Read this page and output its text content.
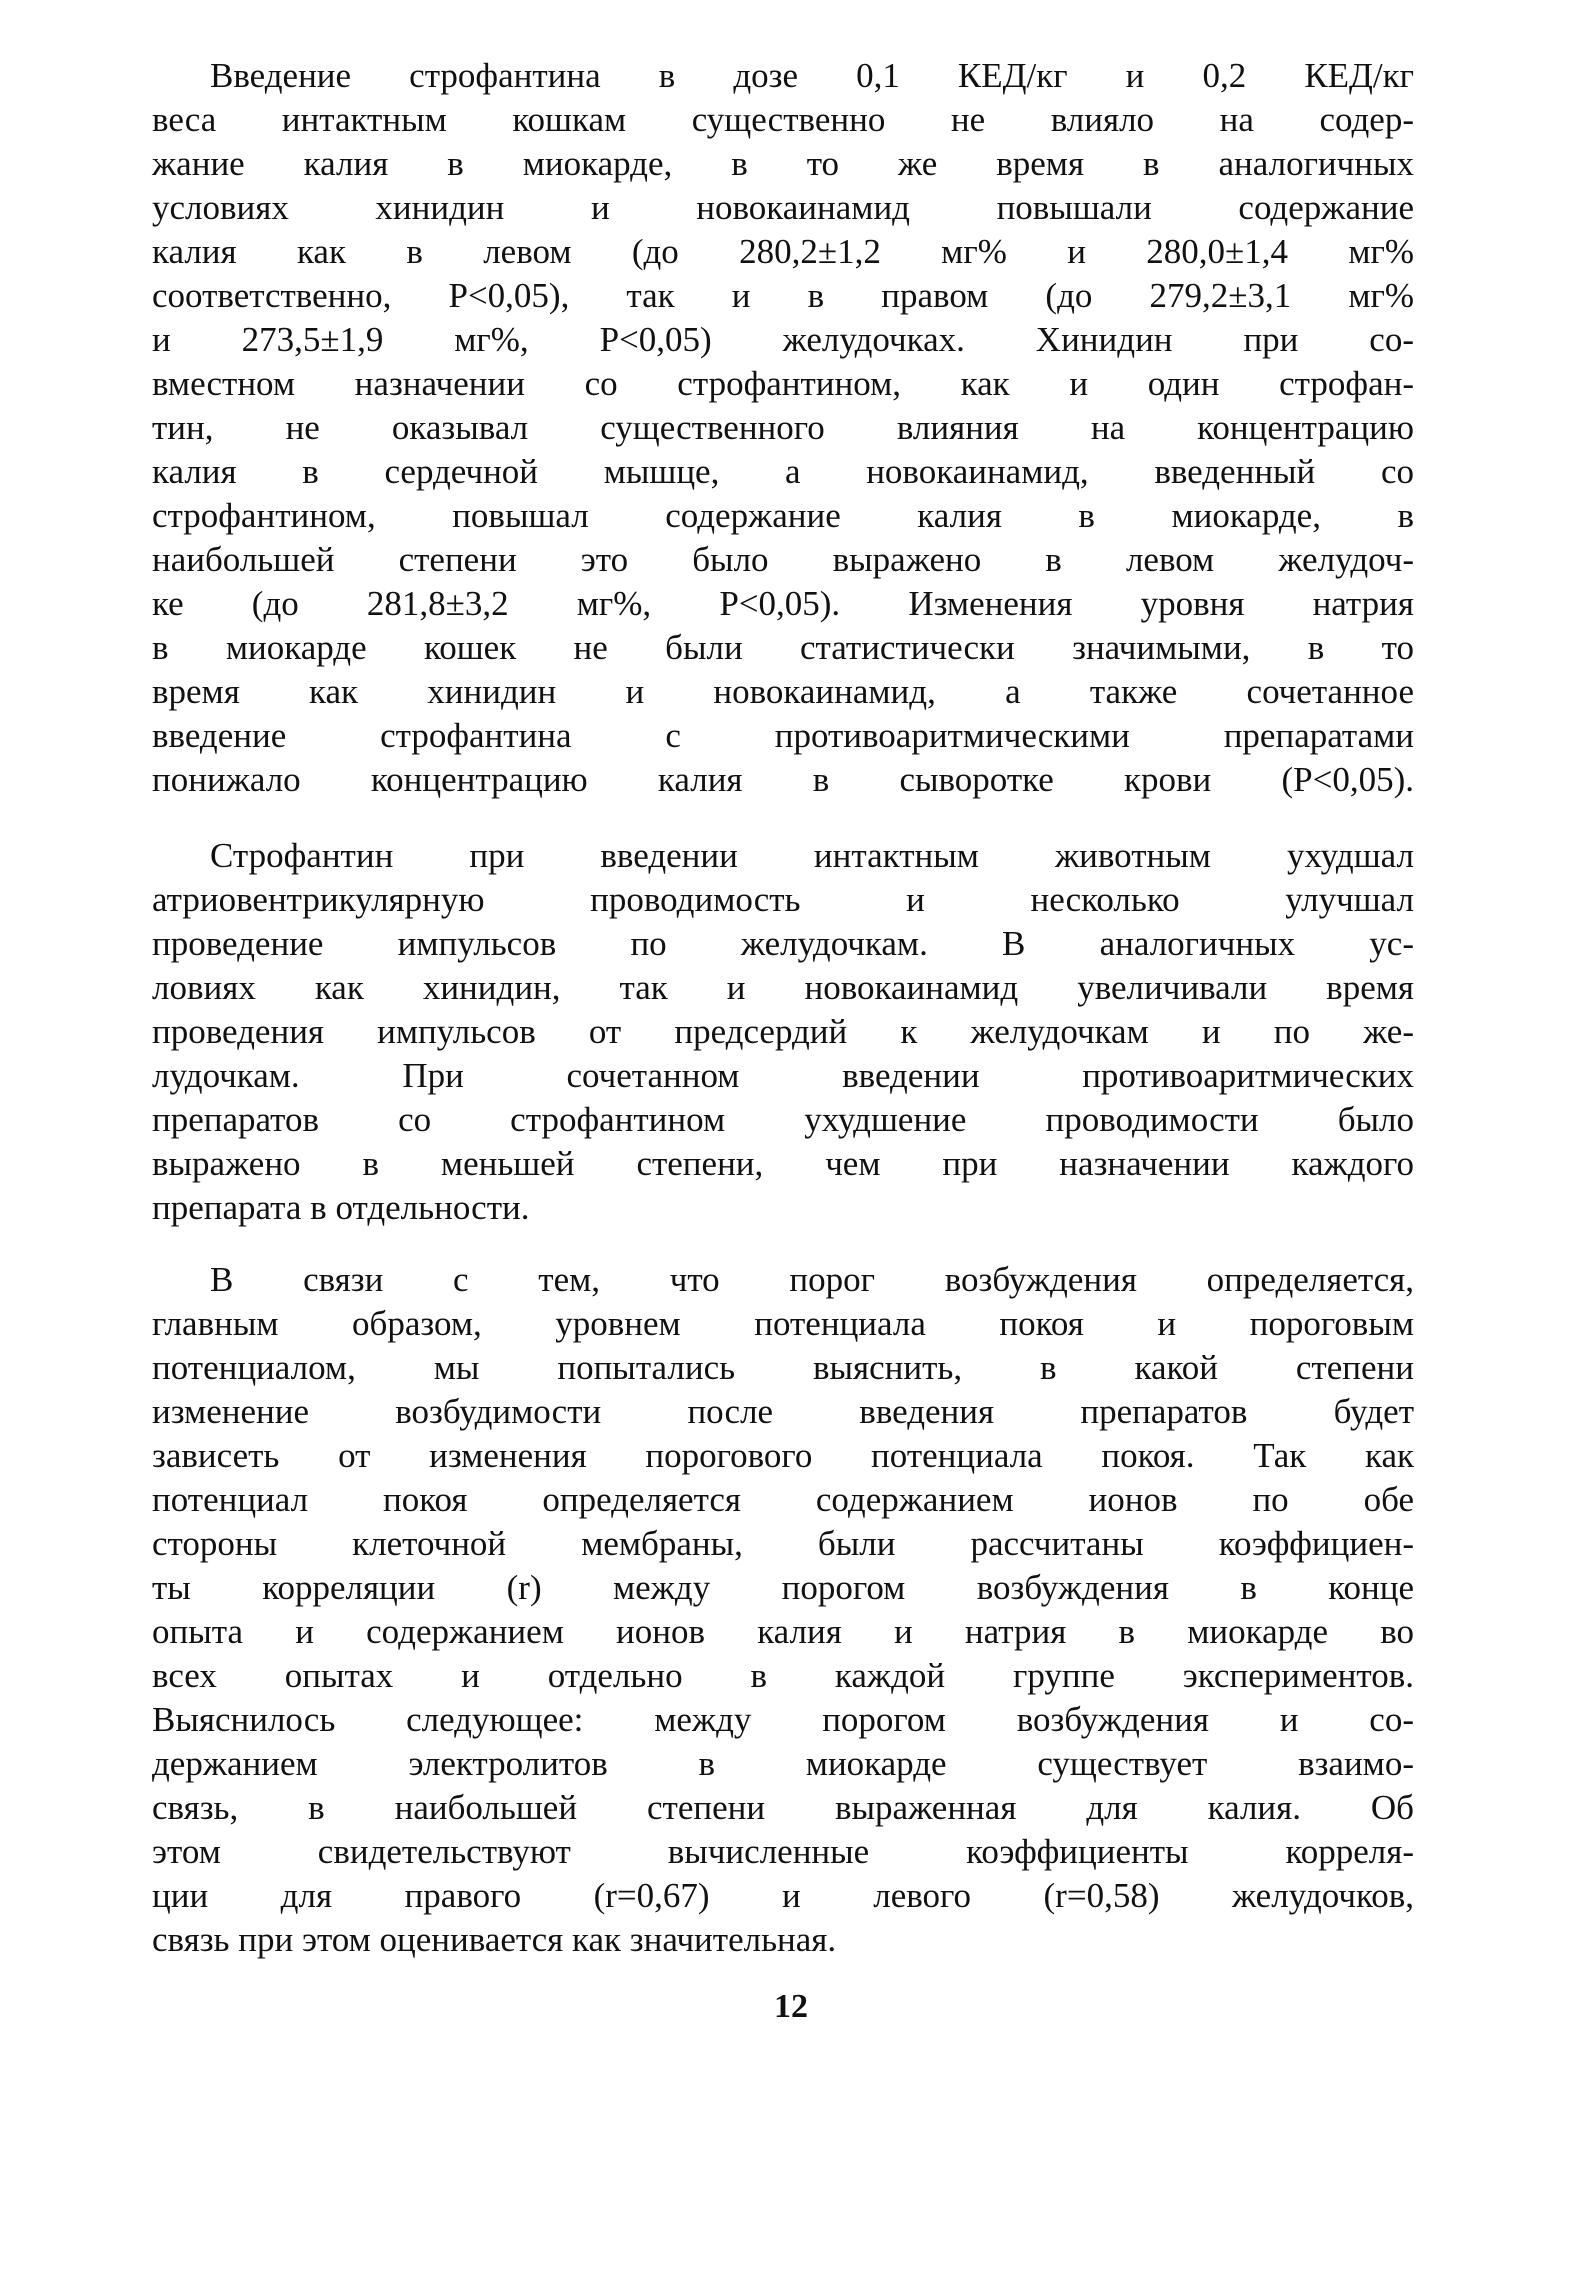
Введение строфантина в дозе 0,1 КЕД/кг и 0,2 КЕД/кг
веса интактным кошкам существенно не влияло на содер-
жание калия в миокарде, в то же время в аналогичных
условиях хинидин и новокаинамид повышали содержание
калия как в левом (до 280,2±1,2 мг% и 280,0±1,4 мг%
соответственно, Р<0,05), так и в правом (до 279,2±3,1 мг%
и 273,5±1,9 мг%, Р<0,05) желудочках. Хинидин при со-
вместном назначении со строфантином, как и один строфан-
тин, не оказывал существенного влияния на концентрацию
калия в сердечной мышце, а новокаинамид, введенный со
строфантином, повышал содержание калия в миокарде, в
наибольшей степени это было выражено в левом желудоч-
ке (до 281,8±3,2 мг%, Р<0,05). Изменения уровня натрия
в миокарде кошек не были статистически значимыми, в то
время как хинидин и новокаинамид, а также сочетанное
введение строфантина с противоаритмическими препаратами
понижало концентрацию калия в сыворотке крови (Р<0,05).
Строфантин при введении интактным животным ухудшал
атриовентрикулярную проводимость и несколько улучшал
проведение импульсов по желудочкам. В аналогичных ус-
ловиях как хинидин, так и новокаинамид увеличивали время
проведения импульсов от предсердий к желудочкам и по же-
лудочкам. При сочетанном введении противоаритмических
препаратов со строфантином ухудшение проводимости было
выражено в меньшей степени, чем при назначении каждого
препарата в отдельности.
В связи с тем, что порог возбуждения определяется,
главным образом, уровнем потенциала покоя и пороговым
потенциалом, мы попытались выяснить, в какой степени
изменение возбудимости после введения препаратов будет
зависеть от изменения порогового потенциала покоя. Так как
потенциал покоя определяется содержанием ионов по обе
стороны клеточной мембраны, были рассчитаны коэффициен-
ты корреляции (r) между порогом возбуждения в конце
опыта и содержанием ионов калия и натрия в миокарде во
всех опытах и отдельно в каждой группе экспериментов.
Выяснилось следующее: между порогом возбуждения и со-
держанием электролитов в миокарде существует взаимо-
связь, в наибольшей степени выраженная для калия. Об
этом свидетельствуют вычисленные коэффициенты корреля-
ции для правого (r=0,67) и левого (r=0,58) желудочков,
связь при этом оценивается как значительная.
12
